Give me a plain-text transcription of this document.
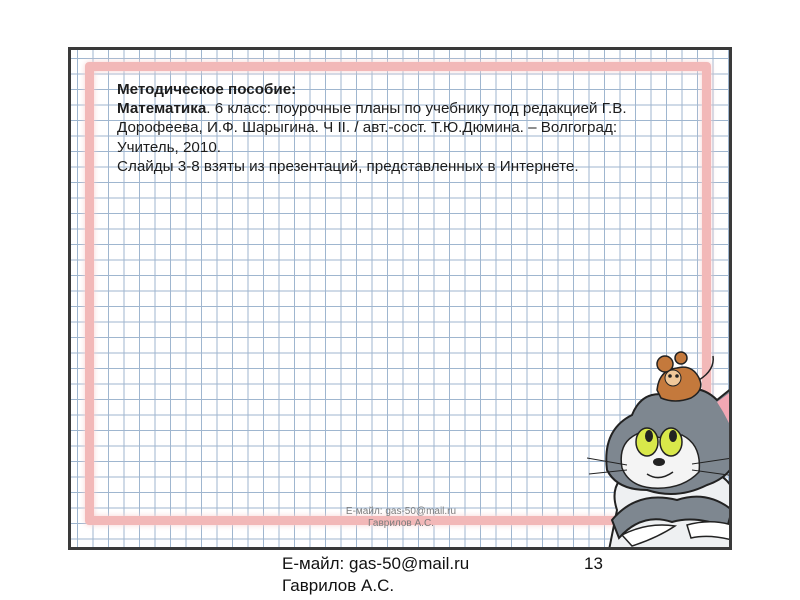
Методическое пособие:

Математика. 6 класс: поурочные планы по учебнику под редакцией Г.В.

Дорофеева, И.Ф. Шарыгина. Ч II. / авт.-сост. Т.Ю.Дюмина. – Волгоград:

Учитель, 2010.

Слайды 3-8 взяты из презентаций, представленных в Интернете.

Е-майл: gas-50@mail.ru
Гаврилов А.С.
Е-майл: gas-50@mail.ru
Гаврилов А.С.
13
